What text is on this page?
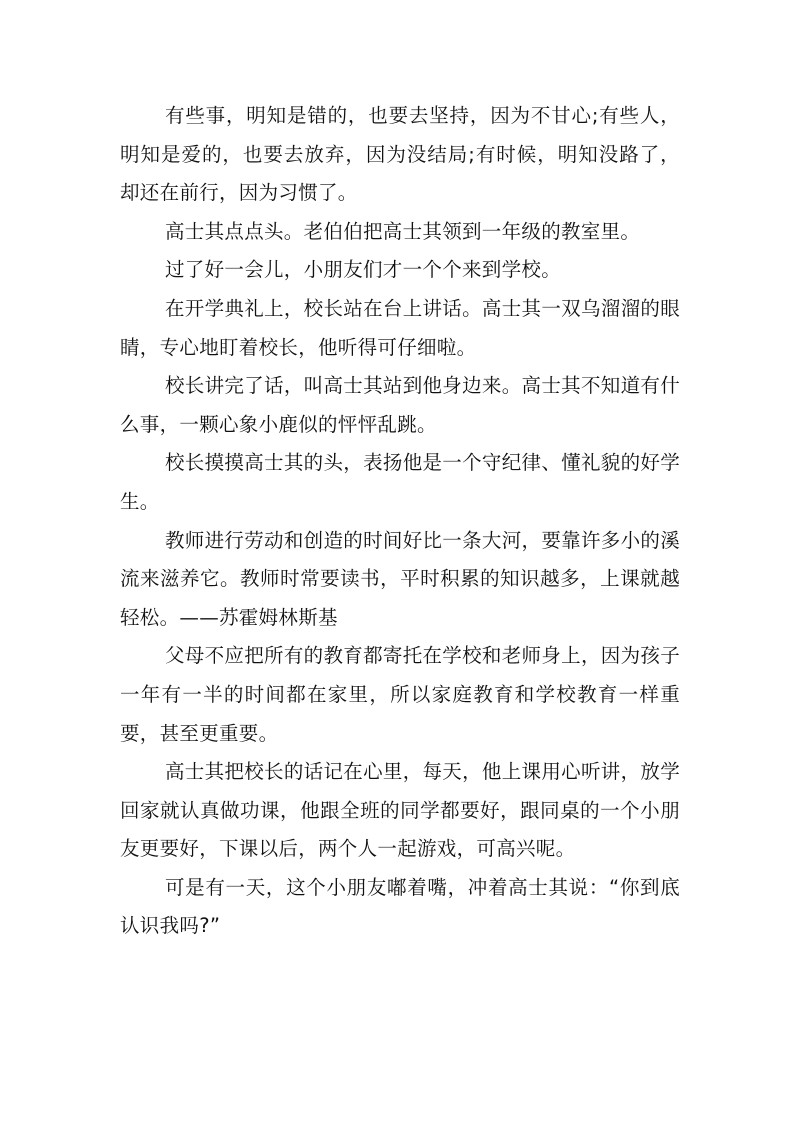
有些事，明知是错的，也要去坚持，因为不甘心;有些人，明知是爱的，也要去放弃，因为没结局;有时候，明知没路了，却还在前行，因为习惯了。

高士其点点头。老伯伯把高士其领到一年级的教室里。

过了好一会儿，小朋友们才一个个来到学校。

在开学典礼上，校长站在台上讲话。高士其一双乌溜溜的眼睛，专心地盯着校长，他听得可仔细啦。

校长讲完了话，叫高士其站到他身边来。高士其不知道有什么事，一颗心象小鹿似的怦怦乱跳。

校长摸摸高士其的头，表扬他是一个守纪律、懂礼貌的好学生。

教师进行劳动和创造的时间好比一条大河，要靠许多小的溪流来滋养它。教师时常要读书，平时积累的知识越多，上课就越轻松。——苏霍姆林斯基

父母不应把所有的教育都寄托在学校和老师身上，因为孩子一年有一半的时间都在家里，所以家庭教育和学校教育一样重要，甚至更重要。

高士其把校长的话记在心里，每天，他上课用心听讲，放学回家就认真做功课，他跟全班的同学都要好，跟同桌的一个小朋友更要好，下课以后，两个人一起游戏，可高兴呢。

可是有一天，这个小朋友嘟着嘴，冲着高士其说：“你到底认识我吗?”
